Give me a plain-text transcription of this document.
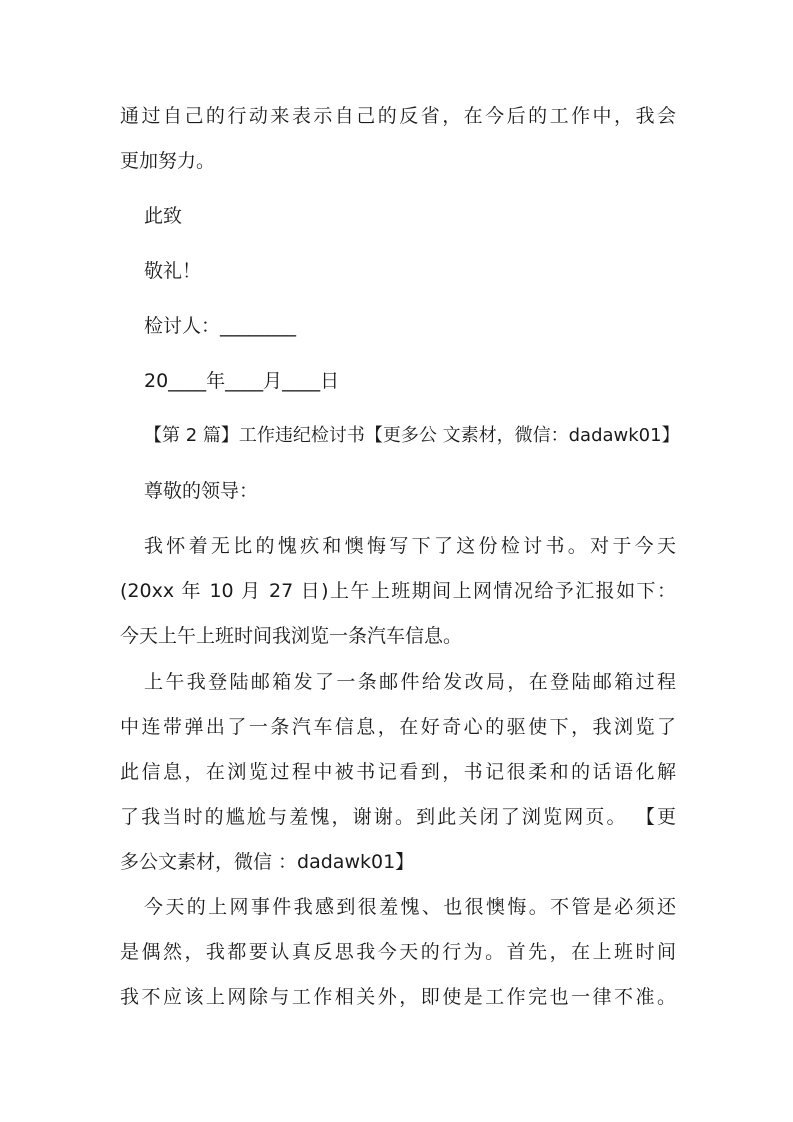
通过自己的行动来表示自己的反省，在今后的工作中，我会
更加努力。
此致
敬礼！
检讨人：________
20____年____月____日
【第 2 篇】工作违纪检讨书【更多公 文素材，微信：dadawk01】
尊敬的领导：
我怀着无比的愧疚和懊悔写下了这份检讨书。对于今天
(20xx 年 10 月 27 日)上午上班期间上网情况给予汇报如下：
今天上午上班时间我浏览一条汽车信息。
上午我登陆邮箱发了一条邮件给发改局，在登陆邮箱过程
中连带弹出了一条汽车信息，在好奇心的驱使下，我浏览了
此信息，在浏览过程中被书记看到，书记很柔和的话语化解
了我当时的尴尬与羞愧，谢谢。到此关闭了浏览网页。 【更
多公文素材，微信 ：dadawk01】
今天的上网事件我感到很羞愧、也很懊悔。不管是必须还
是偶然，我都要认真反思我今天的行为。首先，在上班时间
我不应该上网除与工作相关外，即使是工作完也一律不准。
